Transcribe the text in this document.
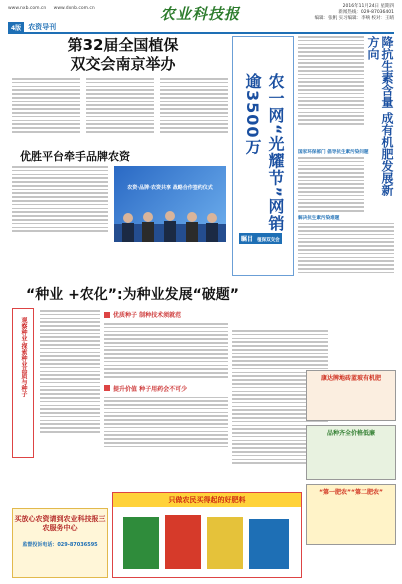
www.nxb.com.cn www.dxnb.com.cn	农业科技报	2016年11月24日 星期四
新闻热线：029-87036401
编辑：张帆 实习编辑：李响 校对：王晴
4版	农资导刊
第32届全国植保
双交会南京举办
优胜平台牵手品牌农资
农资·品牌·农资共享 战略合作签约仪式	农一网“光耀节”网销逾3500万
瞩目 植保双交会
降抗生素含量 成有机肥发展新方向
国家环保部门 倡导抗生素污染问题
解决抗生素污染难题
“种业 +农化”:为种业发展“破题”
观察种业·探索种业品质与种子
优质种子 制种技术须就范
提升价值 种子用药会不可少
买放心农资请到农业科技报三农服务中心
监督投诉电话：029-87036595
只做农民买得起的好肥料
康达牌地砖蓝玻有机肥
品种齐全价格低廉
“第一肥农”“第二肥农”
